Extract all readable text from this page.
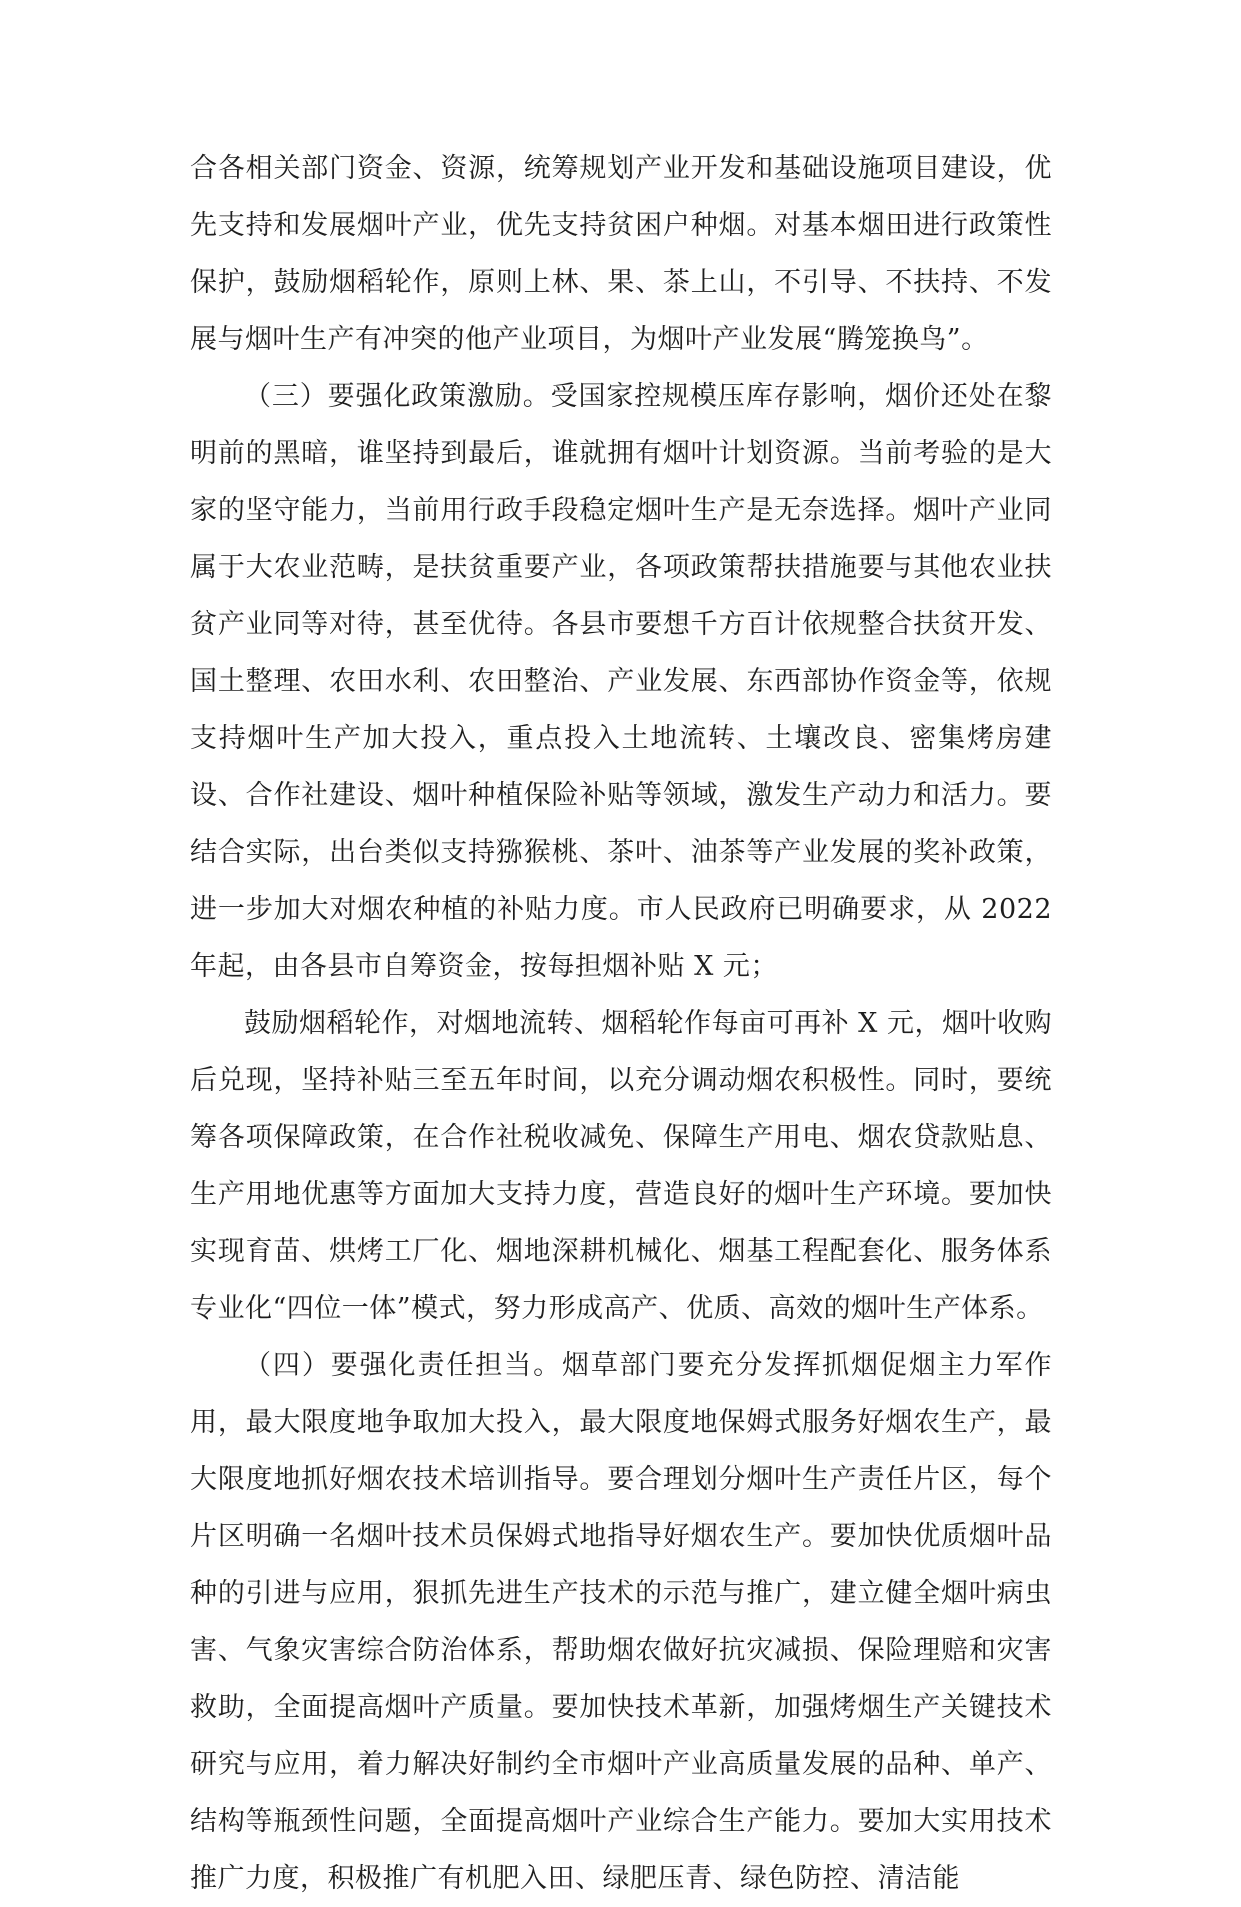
合各相关部门资金、资源，统筹规划产业开发和基础设施项目建设，优先支持和发展烟叶产业，优先支持贫困户种烟。对基本烟田进行政策性保护，鼓励烟稻轮作，原则上林、果、茶上山，不引导、不扶持、不发展与烟叶生产有冲突的他产业项目，为烟叶产业发展“腾笼换鸟”。

（三）要强化政策激励。受国家控规模压库存影响，烟价还处在黎明前的黑暗，谁坚持到最后，谁就拥有烟叶计划资源。当前考验的是大家的坚守能力，当前用行政手段稳定烟叶生产是无奈选择。烟叶产业同属于大农业范畴，是扶贫重要产业，各项政策帮扶措施要与其他农业扶贫产业同等对待，甚至优待。各县市要想千方百计依规整合扶贫开发、国土整理、农田水利、农田整治、产业发展、东西部协作资金等，依规支持烟叶生产加大投入，重点投入土地流转、土壤改良、密集烤房建设、合作社建设、烟叶种植保险补贴等领域，激发生产动力和活力。要结合实际，出台类似支持猕猴桃、茶叶、油茶等产业发展的奖补政策，进一步加大对烟农种植的补贴力度。市人民政府已明确要求，从 2022 年起，由各县市自筹资金，按每担烟补贴 X 元；

鼓励烟稻轮作，对烟地流转、烟稻轮作每亩可再补 X 元，烟叶收购后兑现，坚持补贴三至五年时间，以充分调动烟农积极性。同时，要统筹各项保障政策，在合作社税收减免、保障生产用电、烟农贷款贴息、生产用地优惠等方面加大支持力度，营造良好的烟叶生产环境。要加快实现育苗、烘烤工厂化、烟地深耕机械化、烟基工程配套化、服务体系专业化“四位一体”模式，努力形成高产、优质、高效的烟叶生产体系。

（四）要强化责任担当。烟草部门要充分发挥抓烟促烟主力军作用，最大限度地争取加大投入，最大限度地保姆式服务好烟农生产，最大限度地抓好烟农技术培训指导。要合理划分烟叶生产责任片区，每个片区明确一名烟叶技术员保姆式地指导好烟农生产。要加快优质烟叶品种的引进与应用，狠抓先进生产技术的示范与推广，建立健全烟叶病虫害、气象灾害综合防治体系，帮助烟农做好抗灾减损、保险理赔和灾害救助，全面提高烟叶产质量。要加快技术革新，加强烤烟生产关键技术研究与应用，着力解决好制约全市烟叶产业高质量发展的品种、单产、结构等瓶颈性问题，全面提高烟叶产业综合生产能力。要加大实用技术推广力度，积极推广有机肥入田、绿肥压青、绿色防控、清洁能
